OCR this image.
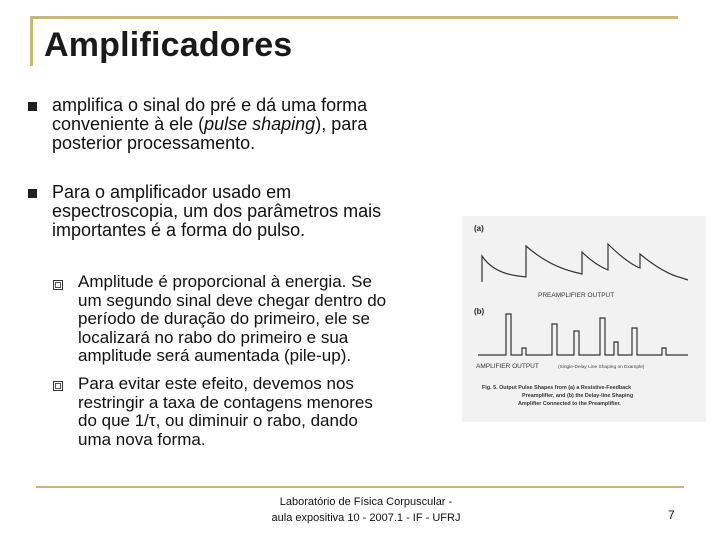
Amplificadores
amplifica o sinal do pré e dá uma forma
conveniente à ele (pulse shaping), para
posterior processamento.
Para o amplificador usado em
espectroscopia, um dos parâmetros mais
importantes é a forma do pulso.
Amplitude é proporcional à energia. Se
um segundo sinal deve chegar dentro do
período de duração do primeiro, ele se
localizará no rabo do primeiro e sua
amplitude será aumentada (pile-up).
Para evitar este efeito, devemos nos
restringir a taxa de contagens menores
do que 1/τ, ou diminuir o rabo, dando
uma nova forma.
(a)
PREAMPLIFIER OUTPUT
(b)
AMPLIFIER OUTPUT	(Single-Delay Line Shaping on Example)
Fig. 5. Output Pulse Shapes from (a) a Resistive-Feedback
Preamplifier, and (b) the Delay-line Shaping
Amplifier Connected to the Preamplifier.
Laboratório de Física Corpuscular -
aula expositiva 10 - 2007.1 - IF - UFRJ	7
